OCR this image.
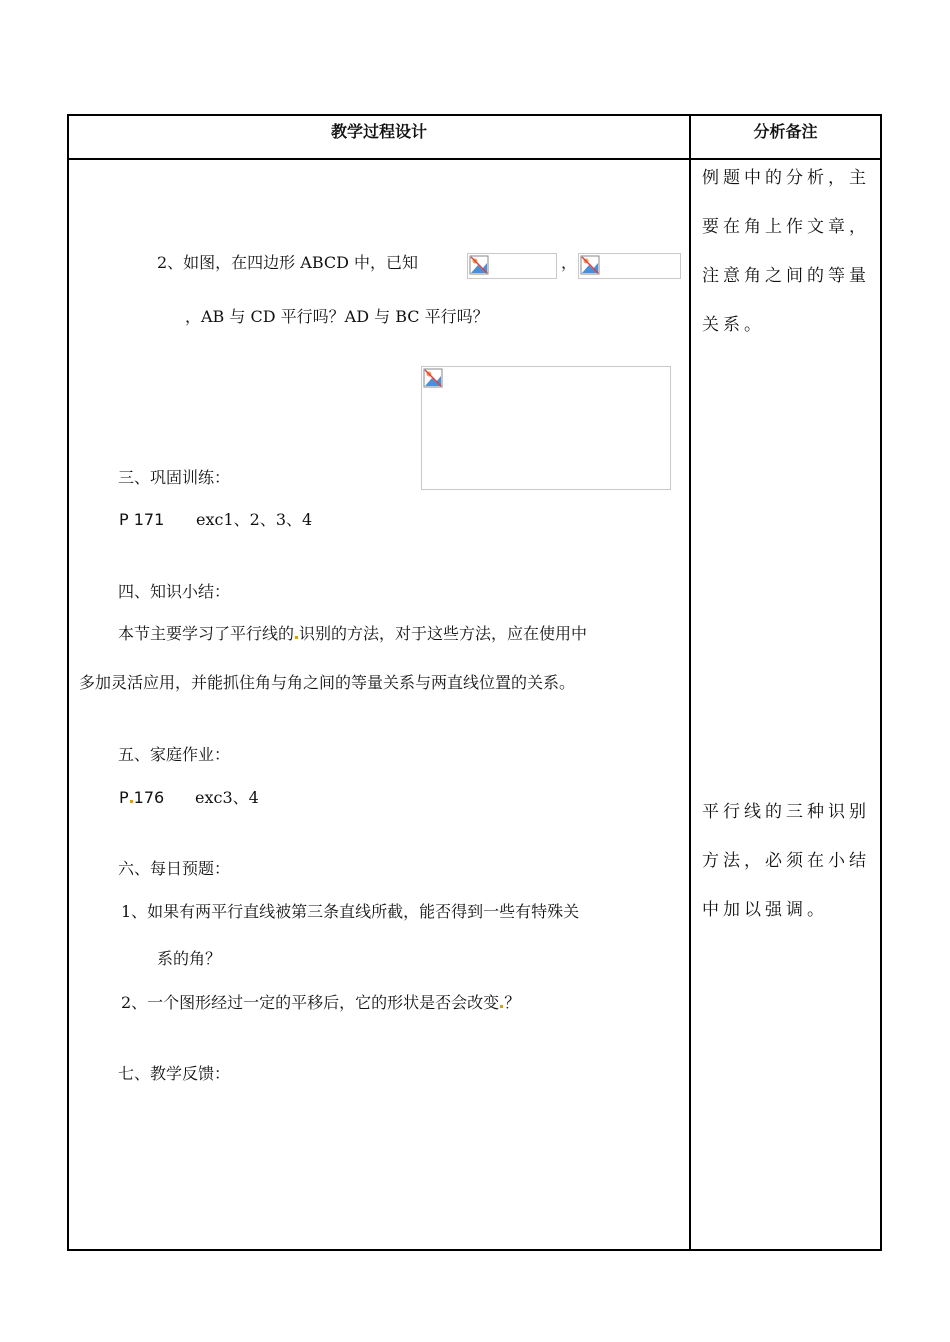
教学过程设计	分析备注
2、如图，在四边形 ABCD 中，已知	，
，AB 与 CD 平行吗？AD 与 BC 平行吗？
三、巩固训练：
P 171 exc1、2、3、4
四、知识小结：
本节主要学习了平行线的 识别的方法，对于这些方法，应在使用中
多加灵活应用，并能抓住角与角之间的等量关系与两直线位置的关系。
五、家庭作业：
P 176 exc3、4
六、每日预题：
1、如果有两平行直线被第三条直线所截，能否得到一些有特殊关
系的角？
2、一个图形经过一定的平移后，它的形状是否会改变 ？
七、教学反馈：
例题中的分析，主
要在角上作文章，
注意角之间的等量
关系。
平行线的三种识别
方法，必须在小结
中加以强调。
